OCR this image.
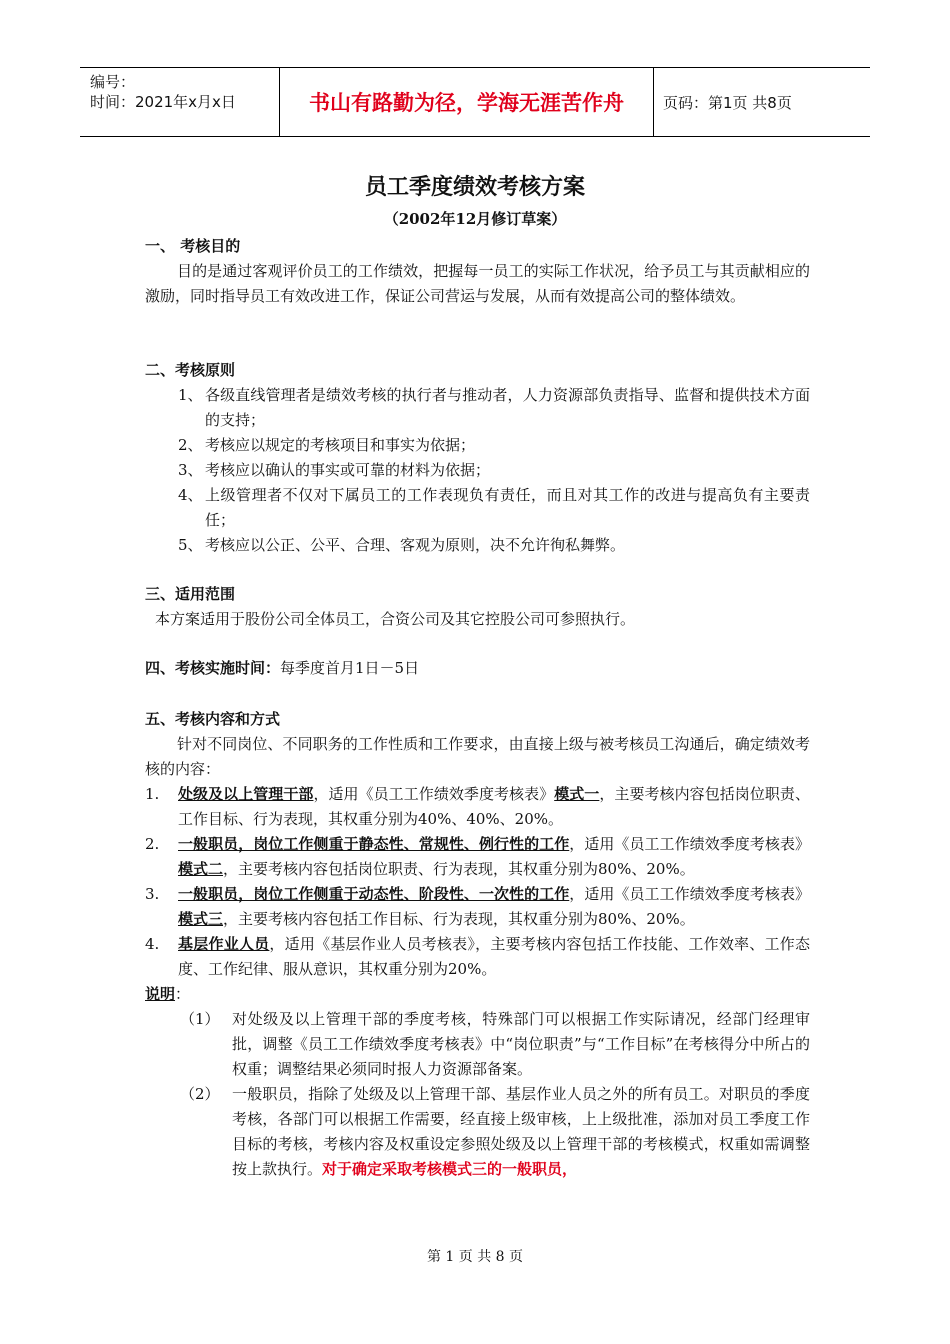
编号：
时间：2021年x月x日	书山有路勤为径，学海无涯苦作舟	页码：第1页 共8页
员工季度绩效考核方案
（2002年12月修订草案）
一、 考核目的
目的是通过客观评价员工的工作绩效，把握每一员工的实际工作状况，给予员工与其贡献相应的激励，同时指导员工有效改进工作，保证公司营运与发展，从而有效提高公司的整体绩效。
二、考核原则
1、 各级直线管理者是绩效考核的执行者与推动者，人力资源部负责指导、监督和提供技术方面的支持；
2、 考核应以规定的考核项目和事实为依据；
3、 考核应以确认的事实或可靠的材料为依据；
4、 上级管理者不仅对下属员工的工作表现负有责任，而且对其工作的改进与提高负有主要责任；
5、 考核应以公正、公平、合理、客观为原则，决不允许徇私舞弊。
三、适用范围
本方案适用于股份公司全体员工，合资公司及其它控股公司可参照执行。
四、考核实施时间：每季度首月1日－5日
五、考核内容和方式
针对不同岗位、不同职务的工作性质和工作要求，由直接上级与被考核员工沟通后，确定绩效考核的内容：
1. 处级及以上管理干部，适用《员工工作绩效季度考核表》模式一，主要考核内容包括岗位职责、工作目标、行为表现，其权重分别为40%、40%、20%。
2. 一般职员，岗位工作侧重于静态性、常规性、例行性的工作，适用《员工工作绩效季度考核表》模式二，主要考核内容包括岗位职责、行为表现，其权重分别为80%、20%。
3. 一般职员，岗位工作侧重于动态性、阶段性、一次性的工作，适用《员工工作绩效季度考核表》模式三，主要考核内容包括工作目标、行为表现，其权重分别为80%、20%。
4. 基层作业人员，适用《基层作业人员考核表》，主要考核内容包括工作技能、工作效率、工作态度、工作纪律、服从意识，其权重分别为20%。
说明：
（1） 对处级及以上管理干部的季度考核，特殊部门可以根据工作实际请况，经部门经理审批，调整《员工工作绩效季度考核表》中“岗位职责”与“工作目标”在考核得分中所占的权重；调整结果必须同时报人力资源部备案。
（2） 一般职员，指除了处级及以上管理干部、基层作业人员之外的所有员工。对职员的季度考核，各部门可以根据工作需要，经直接上级审核，上上级批准，添加对员工季度工作目标的考核，考核内容及权重设定参照处级及以上管理干部的考核模式，权重如需调整按上款执行。对于确定采取考核模式三的一般职员，
第 1 页 共 8 页
